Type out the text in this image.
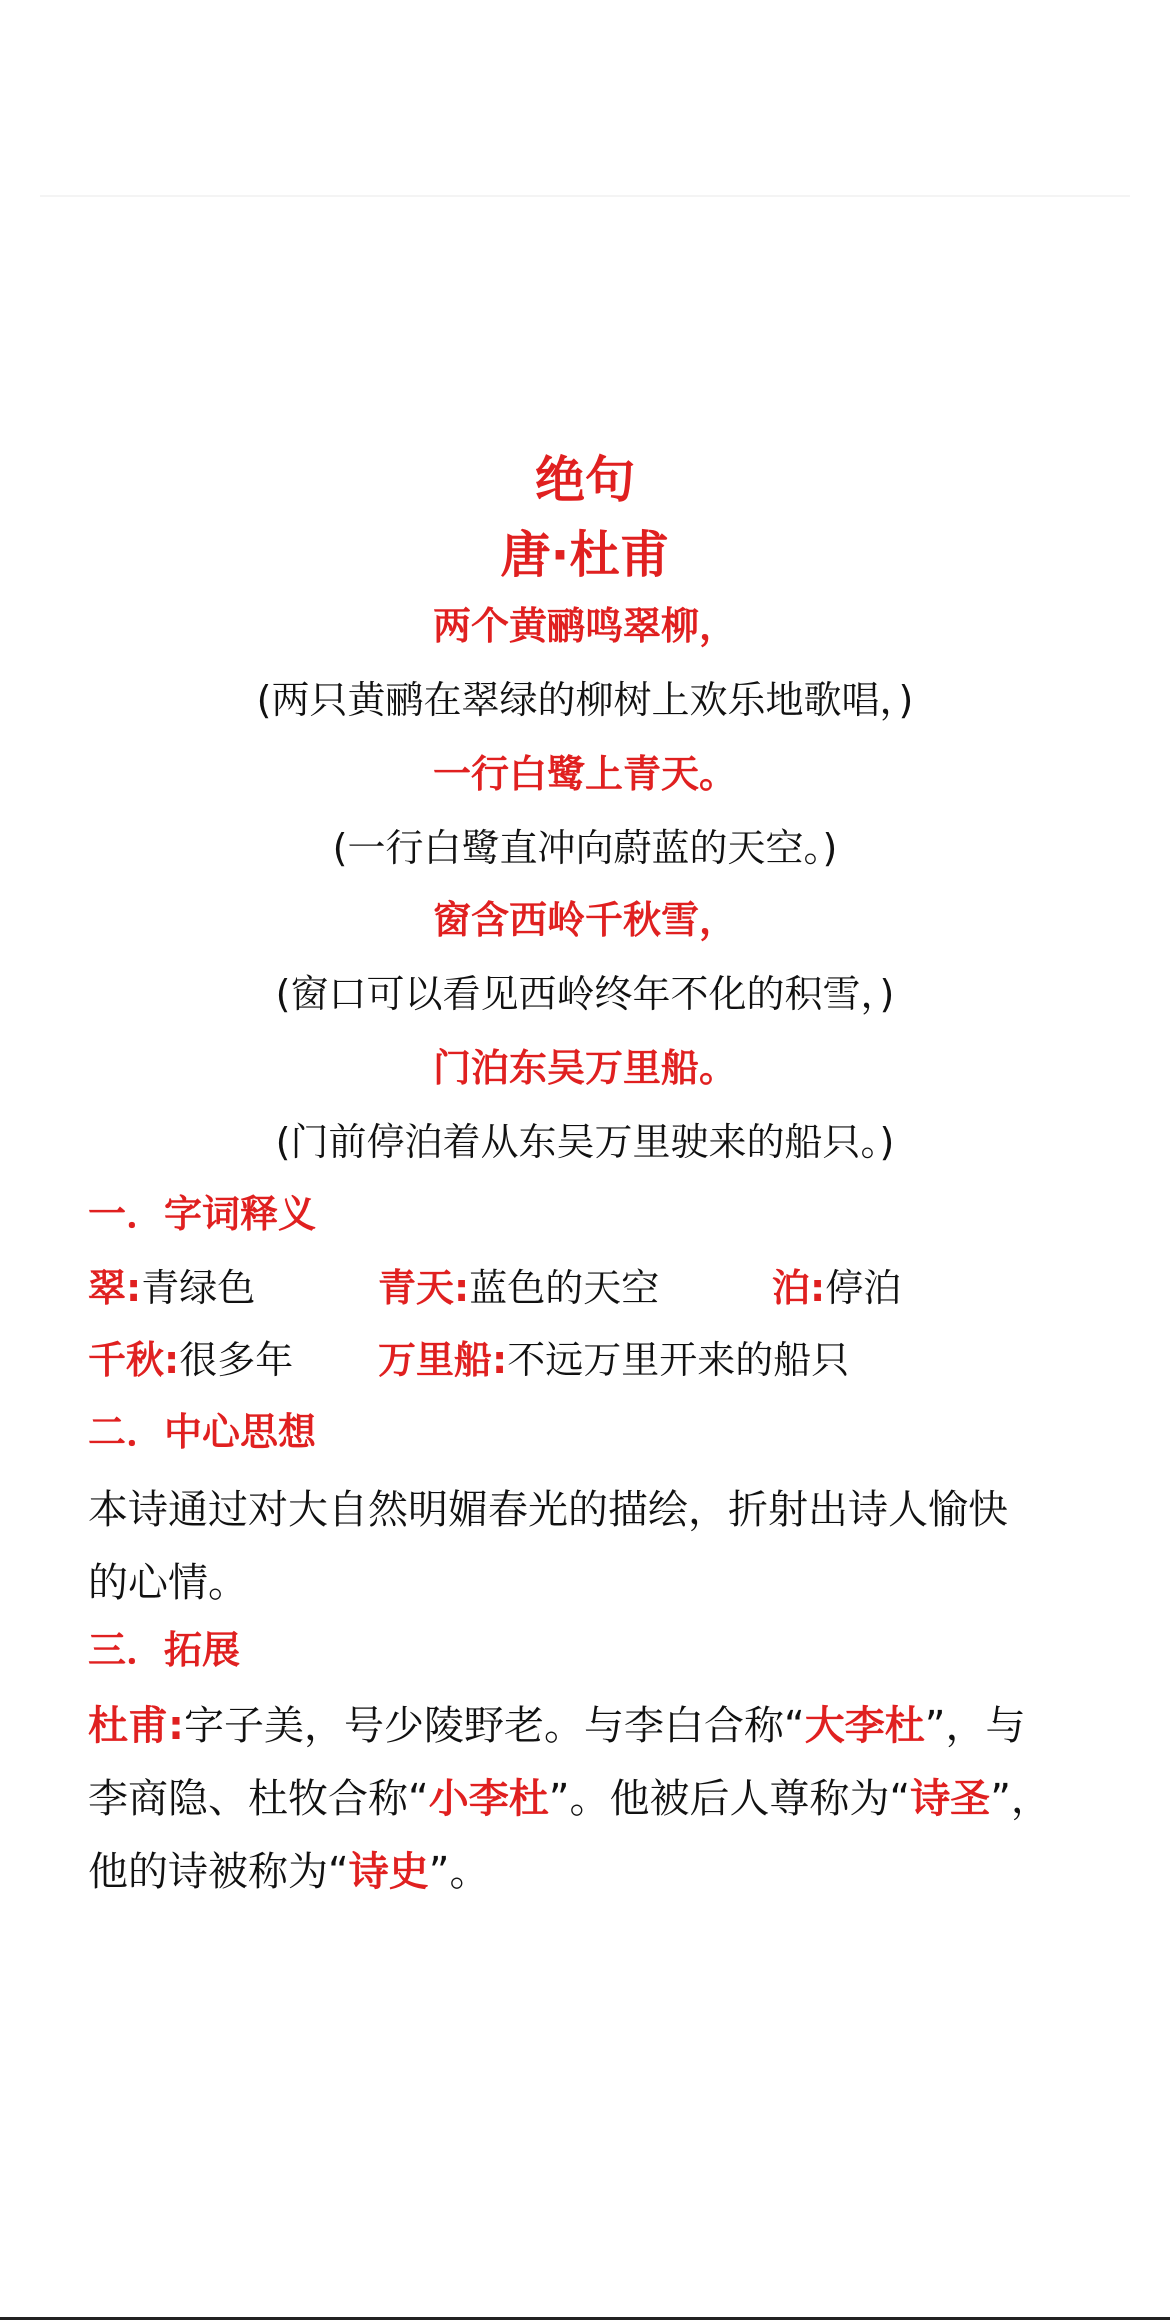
绝句
唐·杜甫
两个黄鹂鸣翠柳，
(两只黄鹂在翠绿的柳树上欢乐地歌唱，)
一行白鹭上青天。
(一行白鹭直冲向蔚蓝的天空。)
窗含西岭千秋雪，
(窗口可以看见西岭终年不化的积雪，)
门泊东吴万里船。
(门前停泊着从东吴万里驶来的船只。)
一．字词释义
翠:青绿色	青天:蓝色的天空	泊:停泊
千秋:很多年 万里船:不远万里开来的船只
二．中心思想
本诗通过对大自然明媚春光的描绘，折射出诗人愉快
的心情。
三．拓展
杜甫:字子美，号少陵野老。与李白合称“大李杜”，与
李商隐、杜牧合称“小李杜”。他被后人尊称为“诗圣”，
他的诗被称为“诗史”。
